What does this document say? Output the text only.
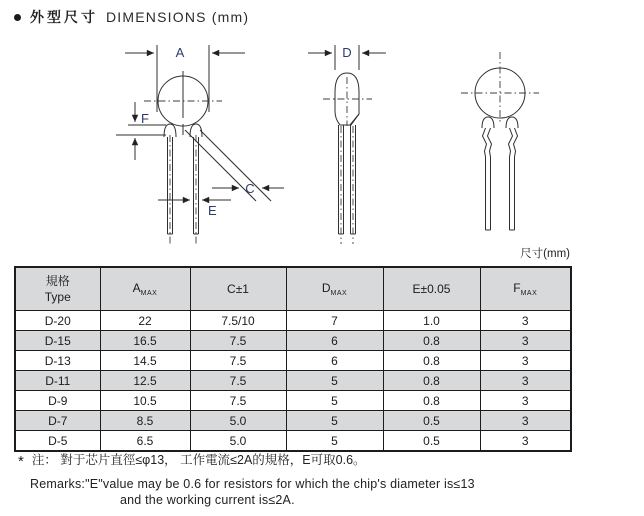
外型尺寸 DIMENSIONS (mm)
A
F
C
E
D
尺寸(mm)
規格
Type	$A_{MAX}$	C±1	$D_{MAX}$	E±0.05	$F_{MAX}$
D-20	22	7.5/10	7	1.0	3
D-15	16.5	7.5	6	0.8	3
D-13	14.5	7.5	6	0.8	3
D-11	12.5	7.5	5	0.8	3
D-9	10.5	7.5	5	0.8	3
D-7	8.5	5.0	5	0.5	3
D-5	6.5	5.0	5	0.5	3
* 注： 對于芯片直徑≤φ13， 工作電流≤2A的規格，E可取0.6。
Remarks:"E"value may be 0.6 for resistors for which the chip's diameter is≤13
and the working current is≤2A.
